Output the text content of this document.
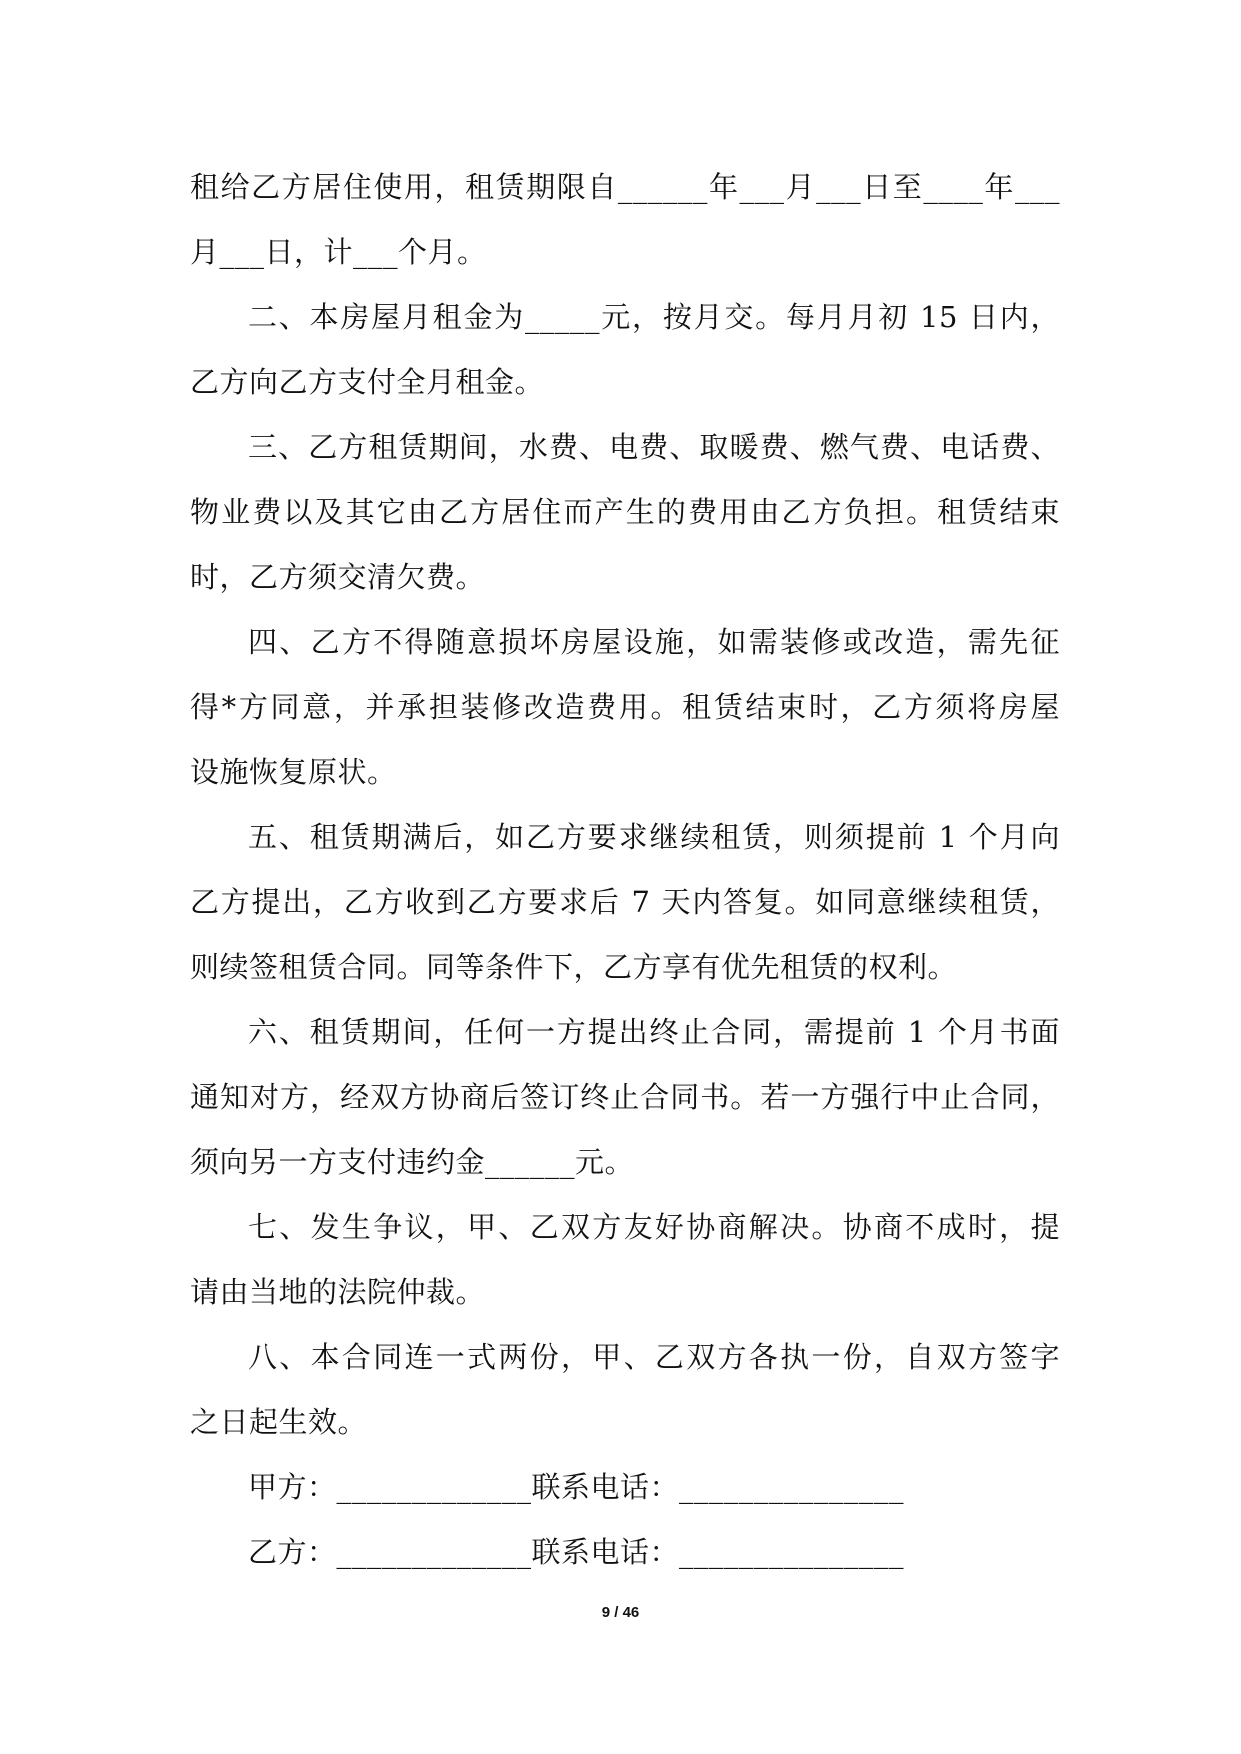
租给乙方居住使用，租赁期限自______年___月___日至____年___
月___日，计___个月。
二、本房屋月租金为_____元，按月交。每月月初 15 日内，
乙方向乙方支付全月租金。
三、乙方租赁期间，水费、电费、取暖费、燃气费、电话费、
物业费以及其它由乙方居住而产生的费用由乙方负担。租赁结束
时，乙方须交清欠费。
四、乙方不得随意损坏房屋设施，如需装修或改造，需先征
得*方同意，并承担装修改造费用。租赁结束时，乙方须将房屋
设施恢复原状。
五、租赁期满后，如乙方要求继续租赁，则须提前 1 个月向
乙方提出，乙方收到乙方要求后 7 天内答复。如同意继续租赁，
则续签租赁合同。同等条件下，乙方享有优先租赁的权利。
六、租赁期间，任何一方提出终止合同，需提前 1 个月书面
通知对方，经双方协商后签订终止合同书。若一方强行中止合同，
须向另一方支付违约金______元。
七、发生争议，甲、乙双方友好协商解决。协商不成时，提
请由当地的法院仲裁。
八、本合同连一式两份，甲、乙双方各执一份，自双方签字
之日起生效。
甲方：_____________联系电话：_______________
乙方：_____________联系电话：_______________
9 / 46
